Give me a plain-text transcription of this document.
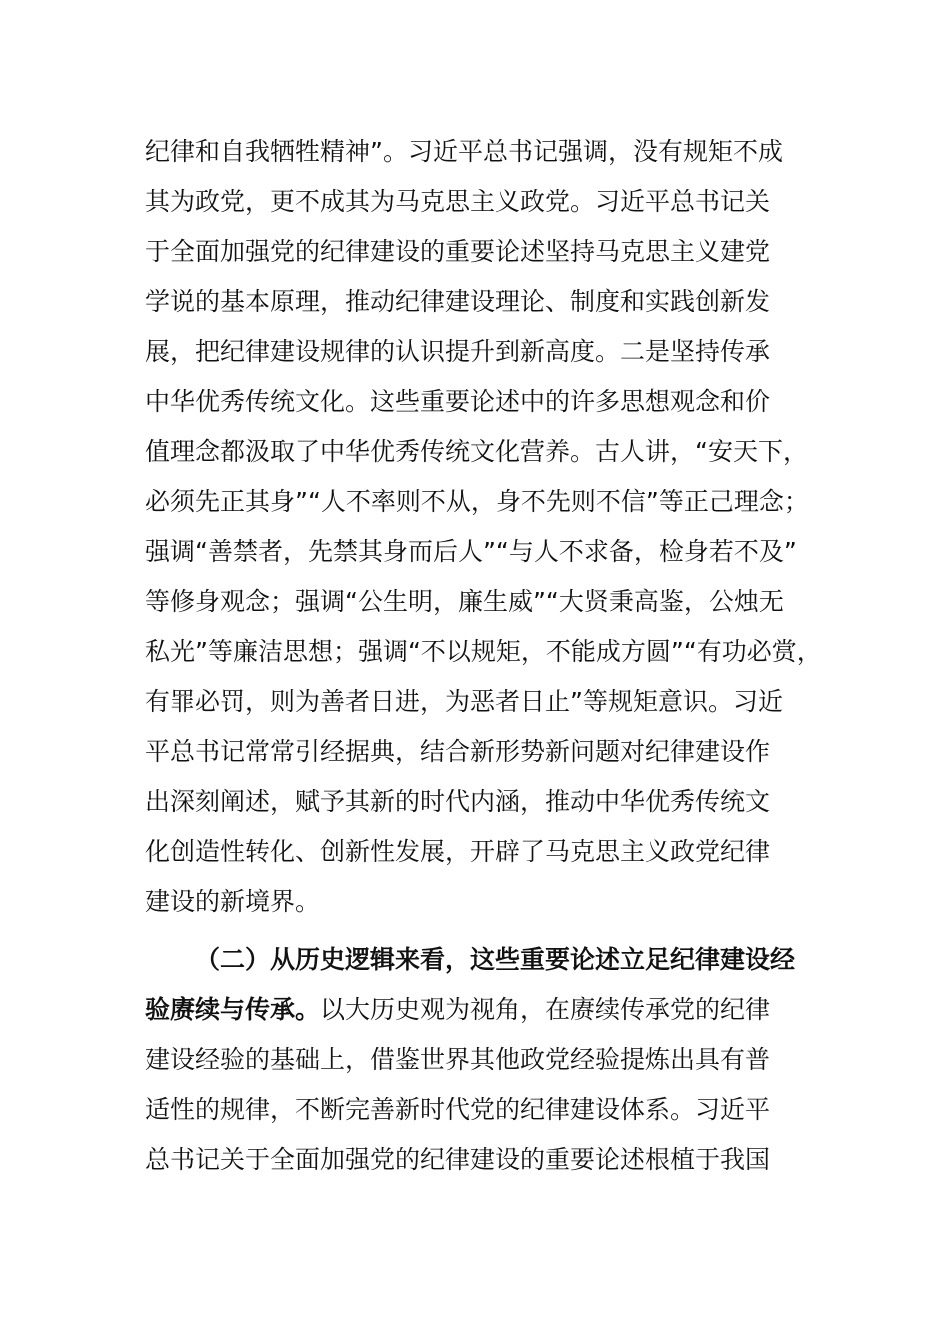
纪律和自我牺牲精神”。习近平总书记强调，没有规矩不成
其为政党，更不成其为马克思主义政党。习近平总书记关
于全面加强党的纪律建设的重要论述坚持马克思主义建党
学说的基本原理，推动纪律建设理论、制度和实践创新发
展，把纪律建设规律的认识提升到新高度。二是坚持传承
中华优秀传统文化。这些重要论述中的许多思想观念和价
值理念都汲取了中华优秀传统文化营养。古人讲，“安天下，
必须先正其身”“人不率则不从，身不先则不信”等正己理念；
强调“善禁者，先禁其身而后人”“与人不求备，检身若不及”
等修身观念；强调“公生明，廉生威”“大贤秉高鉴，公烛无
私光”等廉洁思想；强调“不以规矩，不能成方圆”“有功必赏，
有罪必罚，则为善者日进，为恶者日止”等规矩意识。习近
平总书记常常引经据典，结合新形势新问题对纪律建设作
出深刻阐述，赋予其新的时代内涵，推动中华优秀传统文
化创造性转化、创新性发展，开辟了马克思主义政党纪律
建设的新境界。
（二）从历史逻辑来看，这些重要论述立足纪律建设经
验赓续与传承。以大历史观为视角，在赓续传承党的纪律
建设经验的基础上，借鉴世界其他政党经验提炼出具有普
适性的规律，不断完善新时代党的纪律建设体系。习近平
总书记关于全面加强党的纪律建设的重要论述根植于我国
